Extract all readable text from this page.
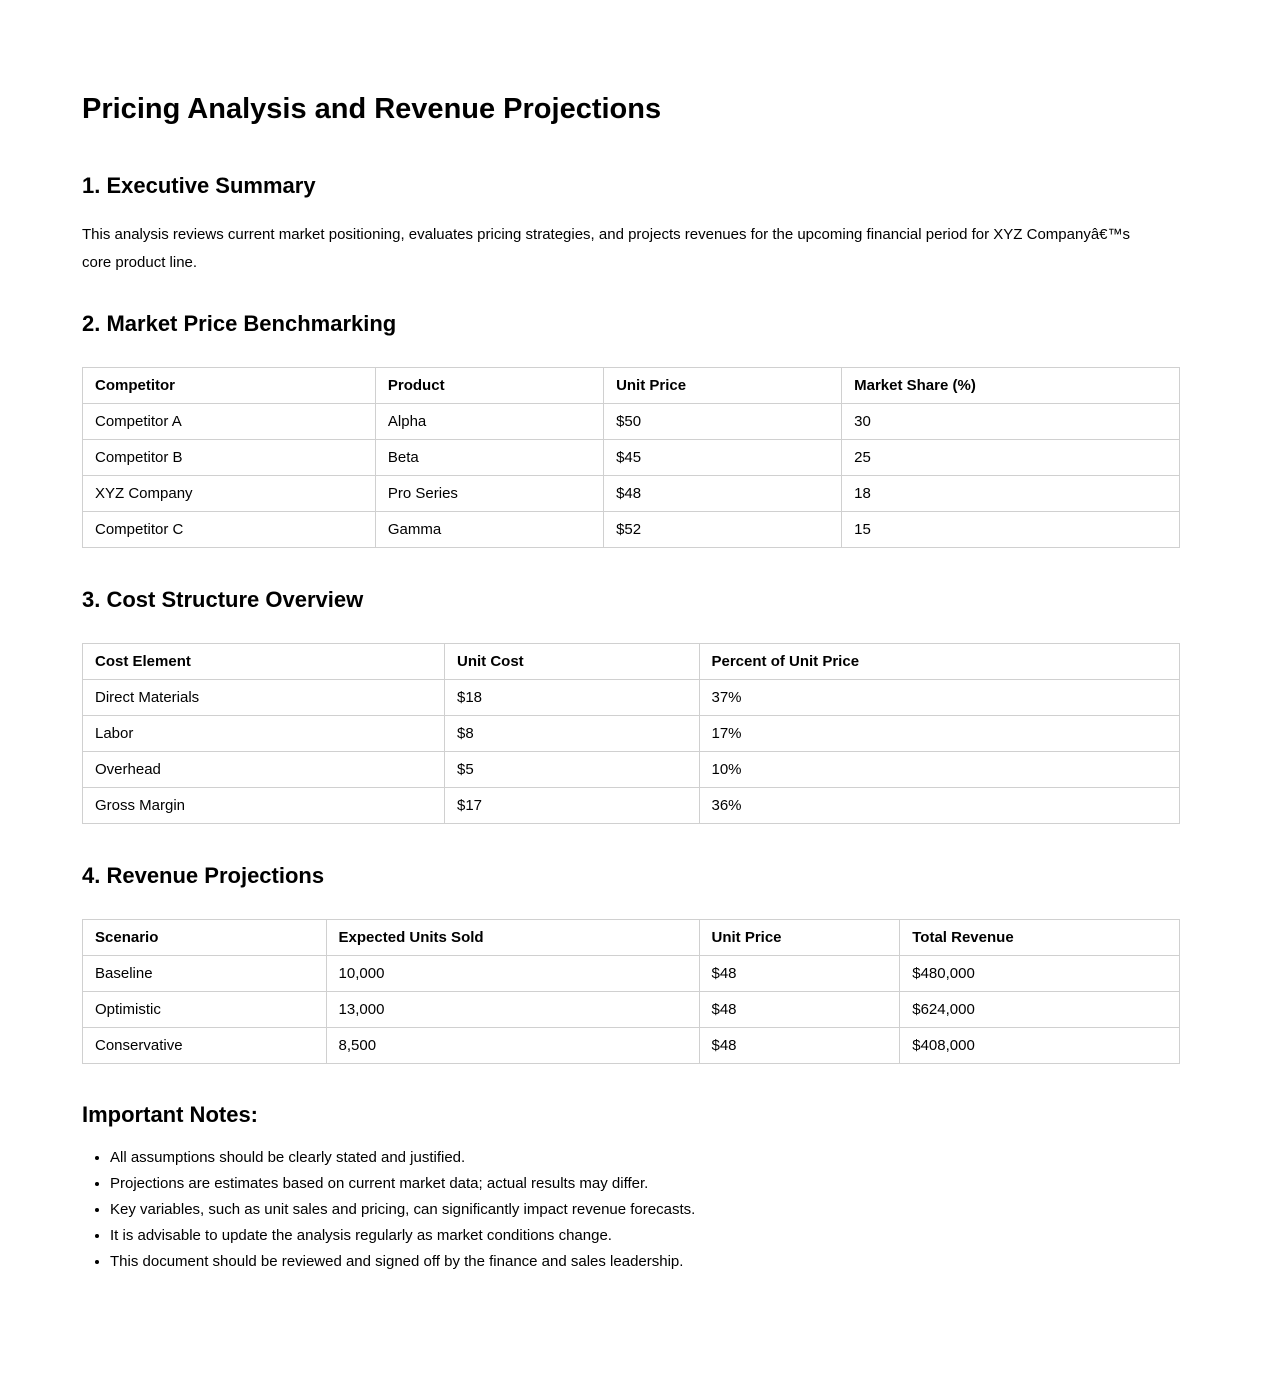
Pricing Analysis and Revenue Projections
1. Executive Summary

This analysis reviews current market positioning, evaluates pricing strategies, and projects revenues for the upcoming financial period for XYZ Companyâ€™s core product line.

2. Market Price Benchmarking
Competitor	Product	Unit Price	Market Share (%)
Competitor A	Alpha	$50	30
Competitor B	Beta	$45	25
XYZ Company	Pro Series	$48	18
Competitor C	Gamma	$52	15
3. Cost Structure Overview
Cost Element	Unit Cost	Percent of Unit Price
Direct Materials	$18	37%
Labor	$8	17%
Overhead	$5	10%
Gross Margin	$17	36%
4. Revenue Projections
Scenario	Expected Units Sold	Unit Price	Total Revenue
Baseline	10,000	$48	$480,000
Optimistic	13,000	$48	$624,000
Conservative	8,500	$48	$408,000
Important Notes:
• All assumptions should be clearly stated and justified.
• Projections are estimates based on current market data; actual results may differ.
• Key variables, such as unit sales and pricing, can significantly impact revenue forecasts.
• It is advisable to update the analysis regularly as market conditions change.
• This document should be reviewed and signed off by the finance and sales leadership.
